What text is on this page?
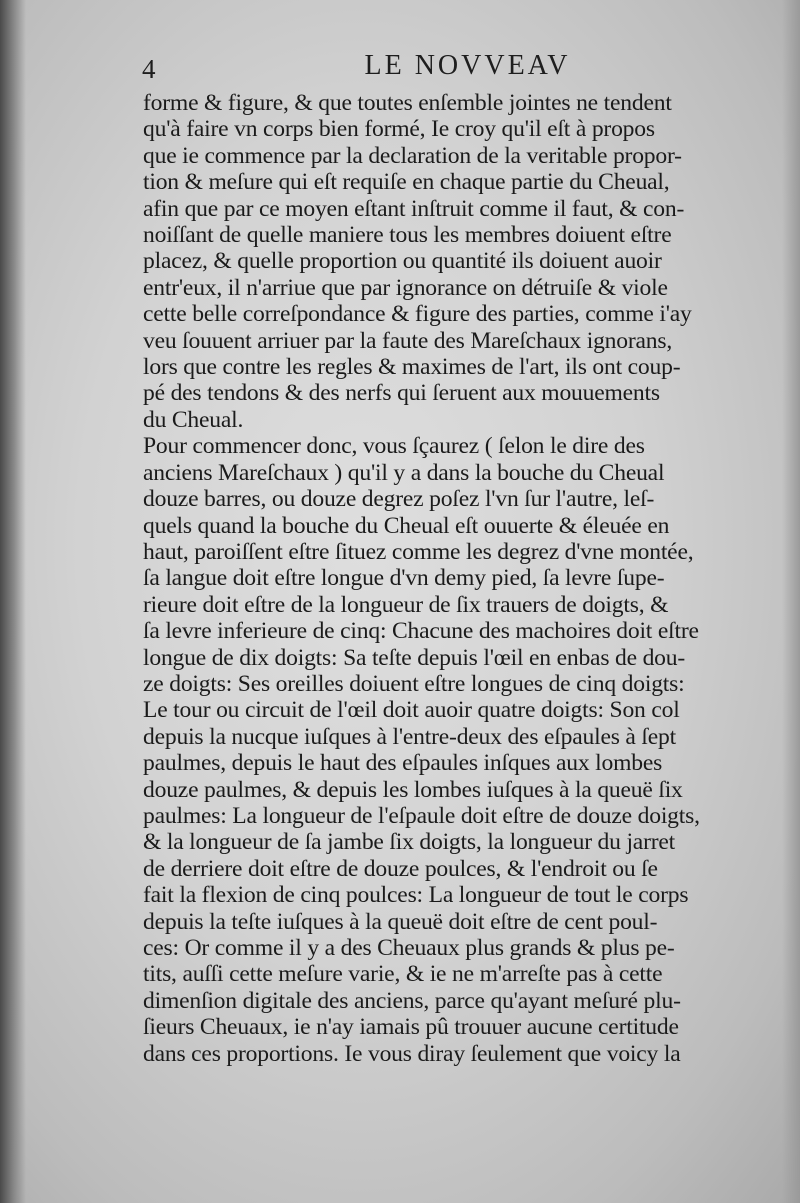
4	LE NOVVEAV

forme & figure, & que toutes enſemble jointes ne tendent
qu'à faire vn corps bien formé, Ie croy qu'il eſt à propos
que ie commence par la declaration de la veritable propor-
tion & meſure qui eſt requiſe en chaque partie du Cheual,
afin que par ce moyen eſtant inſtruit comme il faut, & con-
noiſſant de quelle maniere tous les membres doiuent eſtre
placez, & quelle proportion ou quantité ils doiuent auoir
entr'eux, il n'arriue que par ignorance on détruiſe & viole
cette belle correſpondance & figure des parties, comme i'ay
veu ſouuent arriuer par la faute des Mareſchaux ignorans,
lors que contre les regles & maximes de l'art, ils ont coup-
pé des tendons & des nerfs qui ſeruent aux mouuements
du Cheual.

Pour commencer donc, vous ſçaurez ( ſelon le dire des
anciens Mareſchaux ) qu'il y a dans la bouche du Cheual
douze barres, ou douze degrez poſez l'vn ſur l'autre, leſ-
quels quand la bouche du Cheual eſt ouuerte & éleuée en
haut, paroiſſent eſtre ſituez comme les degrez d'vne montée,
ſa langue doit eſtre longue d'vn demy pied, ſa levre ſupe-
rieure doit eſtre de la longueur de ſix trauers de doigts, &
ſa levre inferieure de cinq: Chacune des machoires doit eſtre
longue de dix doigts: Sa teſte depuis l'œil en enbas de dou-
ze doigts: Ses oreilles doiuent eſtre longues de cinq doigts:
Le tour ou circuit de l'œil doit auoir quatre doigts: Son col
depuis la nuсque iuſques à l'entre-deux des eſpaules à ſept
paulmes, depuis le haut des eſpaules inſques aux lombes
douze paulmes, & depuis les lombes iuſques à la queuë ſix
paulmes: La longueur de l'eſpaule doit eſtre de douze doigts,
& la longueur de ſa jambe ſix doigts, la longueur du jarret
de derriere doit eſtre de douze poulces, & l'endroit ou ſe
fait la flexion de cinq poulces: La longueur de tout le corps
depuis la teſte iuſques à la queuë doit eſtre de cent poul-
ces: Or comme il y a des Cheuaux plus grands & plus pe-
tits, auſſi cette meſure varie, & ie ne m'arreſte pas à cette
dimenſion digitale des anciens, parce qu'ayant meſuré plu-
ſieurs Cheuaux, ie n'ay iamais pû trouuer aucune certitude
dans ces proportions. Ie vous diray ſeulement que voicy la
